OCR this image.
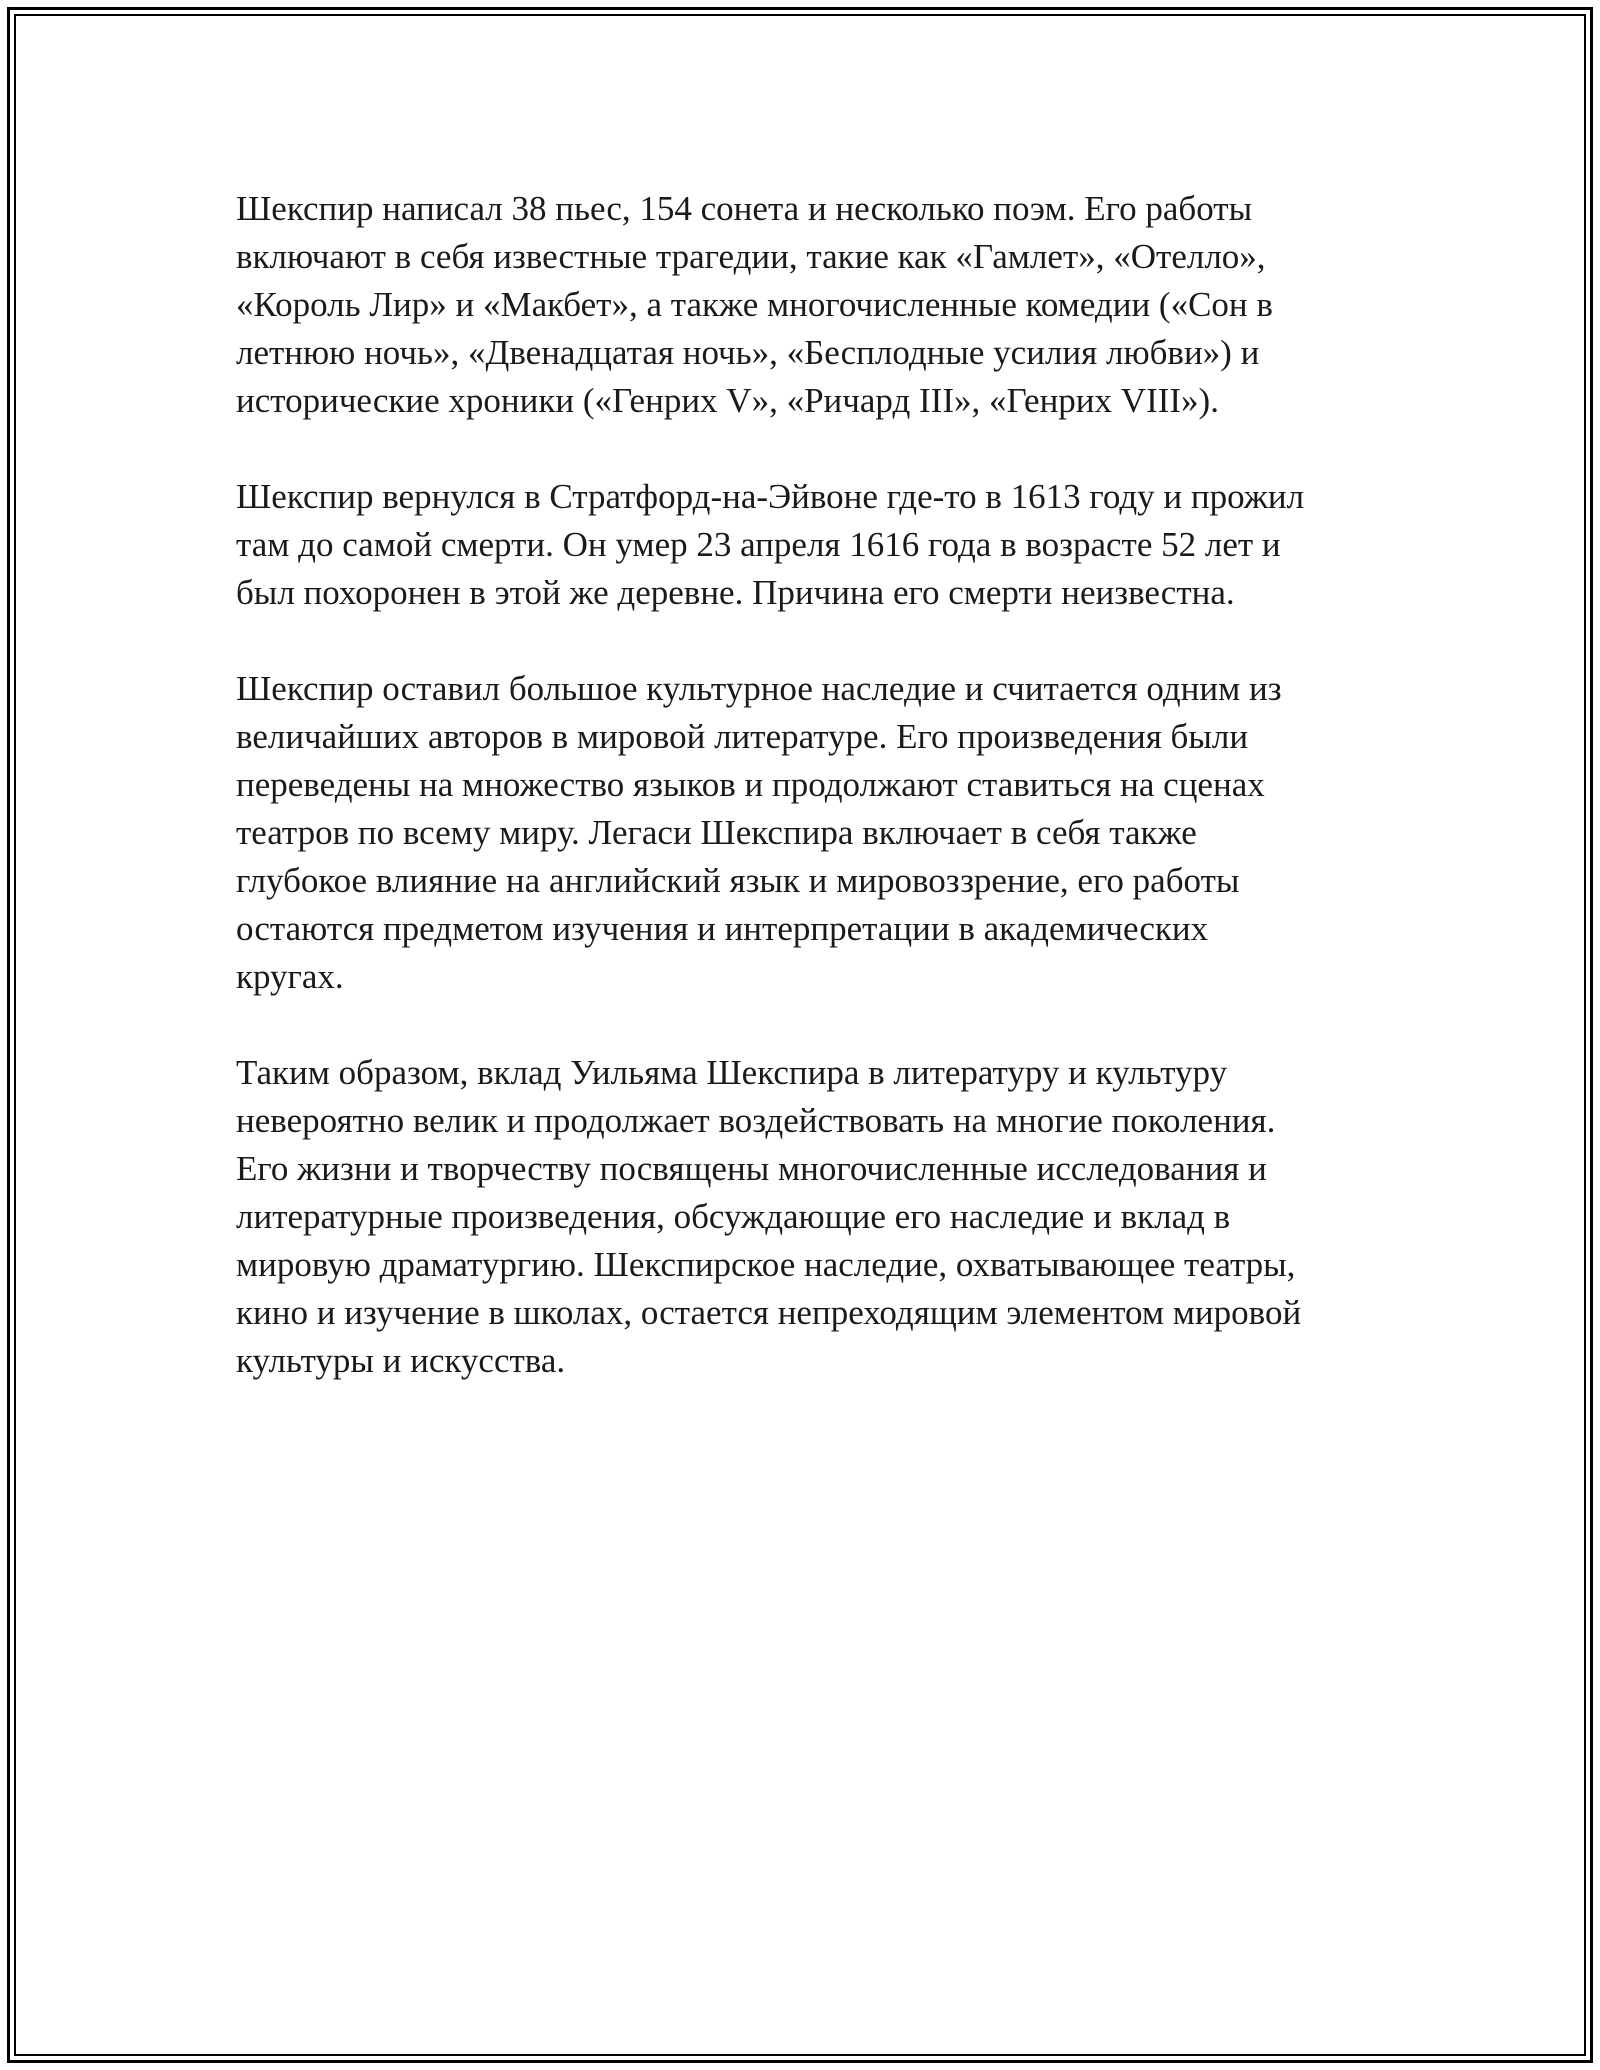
Шекспир написал 38 пьес, 154 сонета и несколько поэм. Его работы
включают в себя известные трагедии, такие как «Гамлет», «Отелло»,
«Король Лир» и «Макбет», а также многочисленные комедии («Сон в
летнюю ночь», «Двенадцатая ночь», «Бесплодные усилия любви») и
исторические хроники («Генрих V», «Ричард III», «Генрих VIII»).

Шекспир вернулся в Стратфорд-на-Эйвоне где-то в 1613 году и прожил
там до самой смерти. Он умер 23 апреля 1616 года в возрасте 52 лет и
был похоронен в этой же деревне. Причина его смерти неизвестна.

Шекспир оставил большое культурное наследие и считается одним из
величайших авторов в мировой литературе. Его произведения были
переведены на множество языков и продолжают ставиться на сценах
театров по всему миру. Легаси Шекспира включает в себя также
глубокое влияние на английский язык и мировоззрение, его работы
остаются предметом изучения и интерпретации в академических
кругах.

Таким образом, вклад Уильяма Шекспира в литературу и культуру
невероятно велик и продолжает воздействовать на многие поколения.
Его жизни и творчеству посвящены многочисленные исследования и
литературные произведения, обсуждающие его наследие и вклад в
мировую драматургию. Шекспирское наследие, охватывающее театры,
кино и изучение в школах, остается непреходящим элементом мировой
культуры и искусства.
